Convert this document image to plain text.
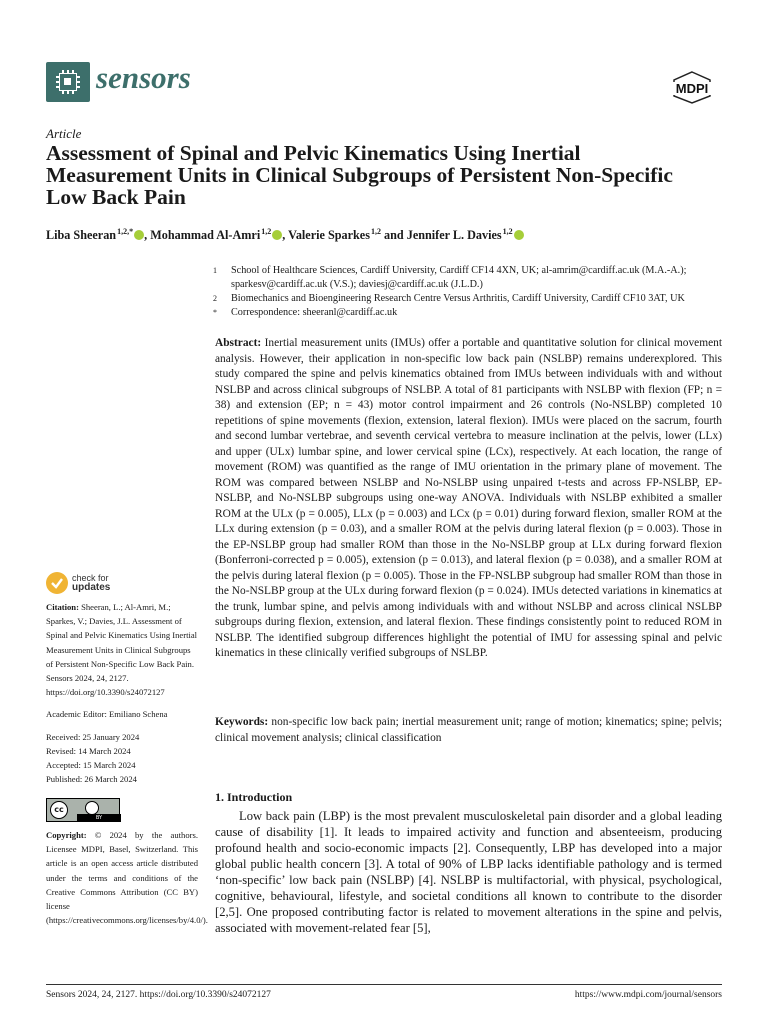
sensors	MDPI
Article
Assessment of Spinal and Pelvic Kinematics Using Inertial Measurement Units in Clinical Subgroups of Persistent Non-Specific Low Back Pain
Liba Sheeran $^{1,2,*}$ , Mohammad Al-Amri $^{1,2}$ , Valerie Sparkes $^{1,2}$ and Jennifer L. Davies $^{1,2}$
1	School of Healthcare Sciences, Cardiff University, Cardiff CF14 4XN, UK; al-amrim@cardiff.ac.uk (M.A.-A.); sparkesv@cardiff.ac.uk (V.S.); daviesj@cardiff.ac.uk (J.L.D.)
2	Biomechanics and Bioengineering Research Centre Versus Arthritis, Cardiff University, Cardiff CF10 3AT, UK
*	Correspondence: sheeranl@cardiff.ac.uk
Abstract: Inertial measurement units (IMUs) offer a portable and quantitative solution for clinical movement analysis. However, their application in non-specific low back pain (NSLBP) remains underexplored. This study compared the spine and pelvis kinematics obtained from IMUs between individuals with and without NSLBP and across clinical subgroups of NSLBP. A total of 81 participants with NSLBP with flexion (FP; n = 38) and extension (EP; n = 43) motor control impairment and 26 controls (No-NSLBP) completed 10 repetitions of spine movements (flexion, extension, lateral flexion). IMUs were placed on the sacrum, fourth and second lumbar vertebrae, and seventh cervical vertebra to measure inclination at the pelvis, lower (LLx) and upper (ULx) lumbar spine, and lower cervical spine (LCx), respectively. At each location, the range of movement (ROM) was quantified as the range of IMU orientation in the primary plane of movement. The ROM was compared between NSLBP and No-NSLBP using unpaired t-tests and across FP-NSLBP, EP-NSLBP, and No-NSLBP subgroups using one-way ANOVA. Individuals with NSLBP exhibited a smaller ROM at the ULx (p = 0.005), LLx (p = 0.003) and LCx (p = 0.01) during forward flexion, smaller ROM at the LLx during extension (p = 0.03), and a smaller ROM at the pelvis during lateral flexion (p = 0.003). Those in the EP-NSLBP group had smaller ROM than those in the No-NSLBP group at LLx during forward flexion (Bonferroni-corrected p = 0.005), extension (p = 0.013), and lateral flexion (p = 0.038), and a smaller ROM at the pelvis during lateral flexion (p = 0.005). Those in the FP-NSLBP subgroup had smaller ROM than those in the No-NSLBP group at the ULx during forward flexion (p = 0.024). IMUs detected variations in kinematics at the trunk, lumbar spine, and pelvis among individuals with and without NSLBP and across clinical NSLBP subgroups during flexion, extension, and lateral flexion. These findings consistently point to reduced ROM in NSLBP. The identified subgroup differences highlight the potential of IMU for assessing spinal and pelvic kinematics in these clinically verified subgroups of NSLBP.
Keywords: non-specific low back pain; inertial measurement unit; range of motion; kinematics; spine; pelvis; clinical movement analysis; clinical classification
1. Introduction
Low back pain (LBP) is the most prevalent musculoskeletal pain disorder and a global leading cause of disability [1]. It leads to impaired activity and function and absenteeism, producing profound health and socio-economic impacts [2]. Consequently, LBP has developed into a major global public health concern [3]. A total of 90% of LBP lacks identifiable pathology and is termed ‘non-specific’ low back pain (NSLBP) [4]. NSLBP is multifactorial, with physical, psychological, cognitive, behavioural, lifestyle, and societal conditions all known to contribute to the disorder [2,5]. One proposed contributing factor is related to movement alterations in the spine and pelvis, associated with movement-related fear [5],
check for
updates
Citation: Sheeran, L.; Al-Amri, M.; Sparkes, V.; Davies, J.L. Assessment of Spinal and Pelvic Kinematics Using Inertial Measurement Units in Clinical Subgroups of Persistent Non-Specific Low Back Pain. Sensors 2024, 24, 2127. https://doi.org/10.3390/s24072127
Academic Editor: Emiliano Schena
Received: 25 January 2024
Revised: 14 March 2024
Accepted: 15 March 2024
Published: 26 March 2024
cc
BY
Copyright: © 2024 by the authors. Licensee MDPI, Basel, Switzerland. This article is an open access article distributed under the terms and conditions of the Creative Commons Attribution (CC BY) license (https://creativecommons.org/licenses/by/4.0/).
Sensors 2024, 24, 2127. https://doi.org/10.3390/s24072127	https://www.mdpi.com/journal/sensors
